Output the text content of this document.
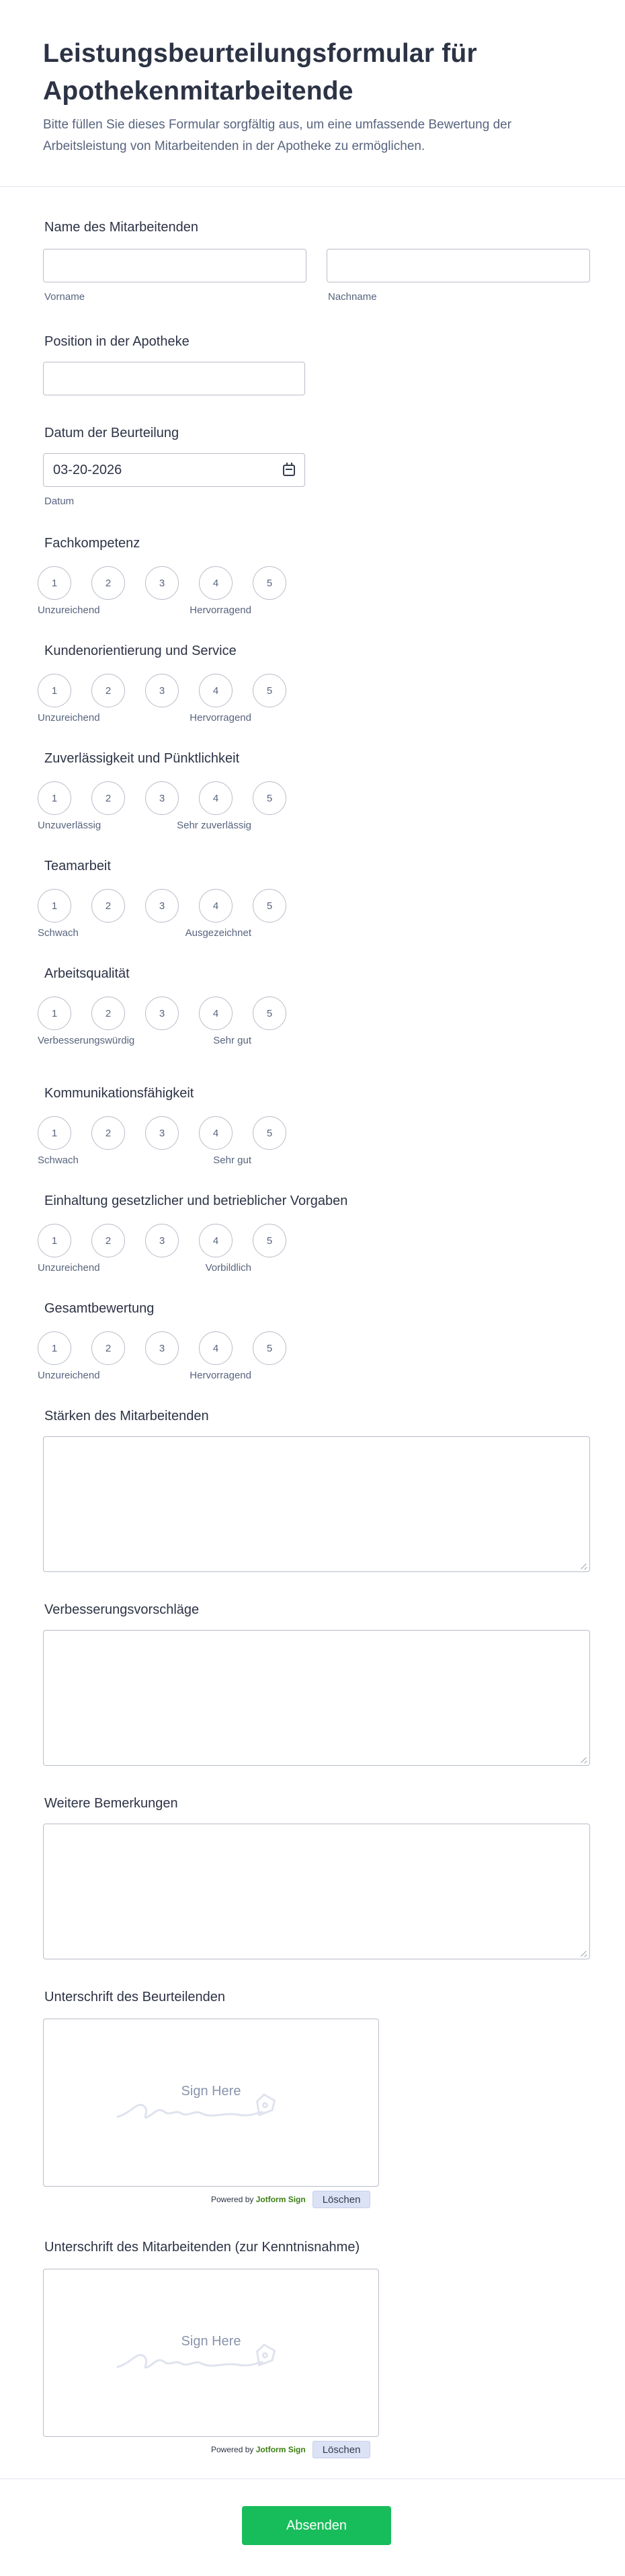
Leistungsbeurteilungsformular für Apothekenmitarbeitende

Bitte füllen Sie dieses Formular sorgfältig aus, um eine umfassende Bewertung der Arbeitsleistung von Mitarbeitenden in der Apotheke zu ermöglichen.

Name des Mitarbeitenden
Vorname	Nachname
Position in der Apotheke
Datum der Beurteilung
03-20-2026
Datum
Fachkompetenz
1	2	3	4	5
Unzureichend	Hervorragend
Kundenorientierung und Service
1	2	3	4	5
Unzureichend	Hervorragend
Zuverlässigkeit und Pünktlichkeit
1	2	3	4	5
Unzuverlässig	Sehr zuverlässig
Teamarbeit
1	2	3	4	5
Schwach	Ausgezeichnet
Arbeitsqualität
1	2	3	4	5
Verbesserungswürdig	Sehr gut
Kommunikationsfähigkeit
1	2	3	4	5
Schwach	Sehr gut
Einhaltung gesetzlicher und betrieblicher Vorgaben
1	2	3	4	5
Unzureichend	Vorbildlich
Gesamtbewertung
1	2	3	4	5
Unzureichend	Hervorragend
Stärken des Mitarbeitenden
Verbesserungsvorschläge
Weitere Bemerkungen
Unterschrift des Beurteilenden
Sign Here
Powered by Jotform Sign	Löschen
Unterschrift des Mitarbeitenden (zur Kenntnisnahme)
Sign Here
Powered by Jotform Sign	Löschen
Absenden
